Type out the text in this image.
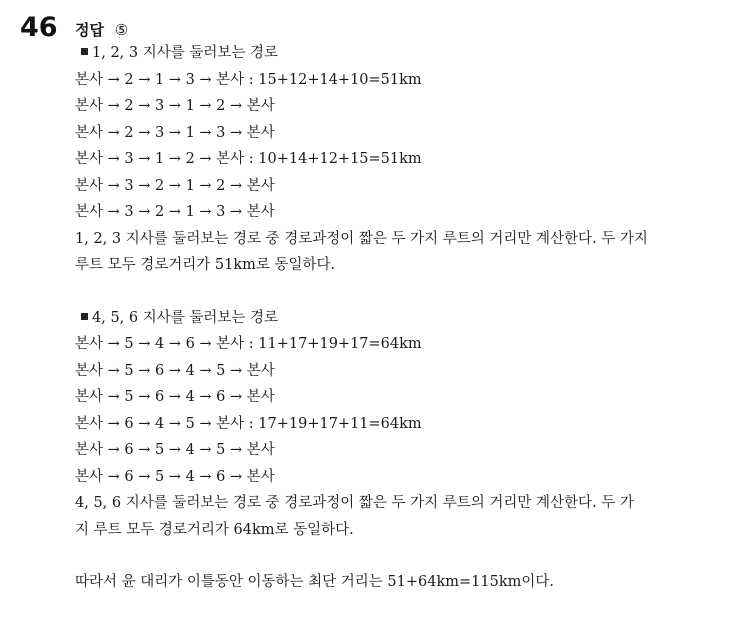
46 정답 ⑤
1, 2, 3 지사를 둘러보는 경로
본사 → 2 → 1 → 3 → 본사 : 15+12+14+10=51km
본사 → 2 → 3 → 1 → 2 → 본사
본사 → 2 → 3 → 1 → 3 → 본사
본사 → 3 → 1 → 2 → 본사 : 10+14+12+15=51km
본사 → 3 → 2 → 1 → 2 → 본사
본사 → 3 → 2 → 1 → 3 → 본사
1, 2, 3 지사를 둘러보는 경로 중 경로과정이 짧은 두 가지 루트의 거리만 계산한다. 두 가지
루트 모두 경로거리가 51km로 동일하다.
4, 5, 6 지사를 둘러보는 경로
본사 → 5 → 4 → 6 → 본사 : 11+17+19+17=64km
본사 → 5 → 6 → 4 → 5 → 본사
본사 → 5 → 6 → 4 → 6 → 본사
본사 → 6 → 4 → 5 → 본사 : 17+19+17+11=64km
본사 → 6 → 5 → 4 → 5 → 본사
본사 → 6 → 5 → 4 → 6 → 본사
4, 5, 6 지사를 둘러보는 경로 중 경로과정이 짧은 두 가지 루트의 거리만 계산한다. 두 가
지 루트 모두 경로거리가 64km로 동일하다.
따라서 윤 대리가 이틀동안 이동하는 최단 거리는 51+64km=115km이다.
